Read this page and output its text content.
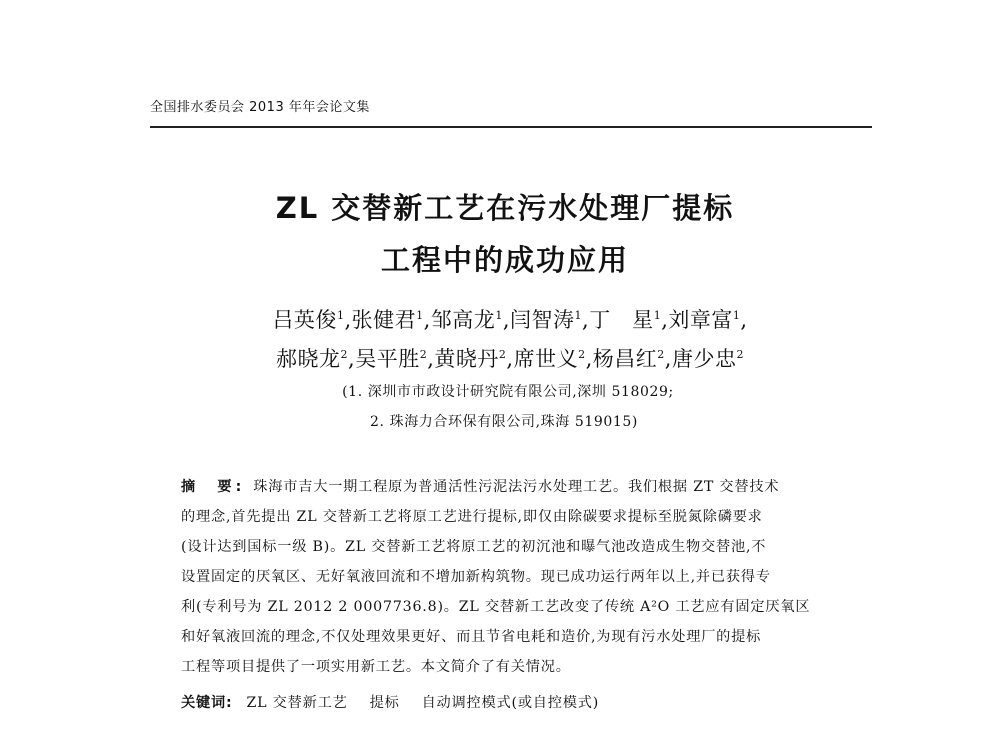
全国排水委员会 2013 年年会论文集
ZL 交替新工艺在污水处理厂提标
工程中的成功应用
吕英俊$^1$,张健君$^1$,邹高龙$^1$,闫智涛$^1$,丁　星$^1$,刘章富$^1$,
郝晓龙$^2$,吴平胜$^2$,黄晓丹$^2$,席世义$^2$,杨昌红$^2$,唐少忠$^2$
(1. 深圳市市政设计研究院有限公司,深圳 518029;
2. 珠海力合环保有限公司,珠海 519015)
摘　要: 珠海市吉大一期工程原为普通活性污泥法污水处理工艺。我们根据 ZT 交替技术
的理念,首先提出 ZL 交替新工艺将原工艺进行提标,即仅由除碳要求提标至脱氮除磷要求
(设计达到国标一级 B)。ZL 交替新工艺将原工艺的初沉池和曝气池改造成生物交替池,不
设置固定的厌氧区、无好氧液回流和不增加新构筑物。现已成功运行两年以上,并已获得专
利(专利号为 ZL 2012 2 0007736.8)。ZL 交替新工艺改变了传统 A²O 工艺应有固定厌氧区
和好氧液回流的理念,不仅处理效果更好、而且节省电耗和造价,为现有污水处理厂的提标
工程等项目提供了一项实用新工艺。本文简介了有关情况。
关键词: ZL 交替新工艺 提标 自动调控模式(或自控模式)
